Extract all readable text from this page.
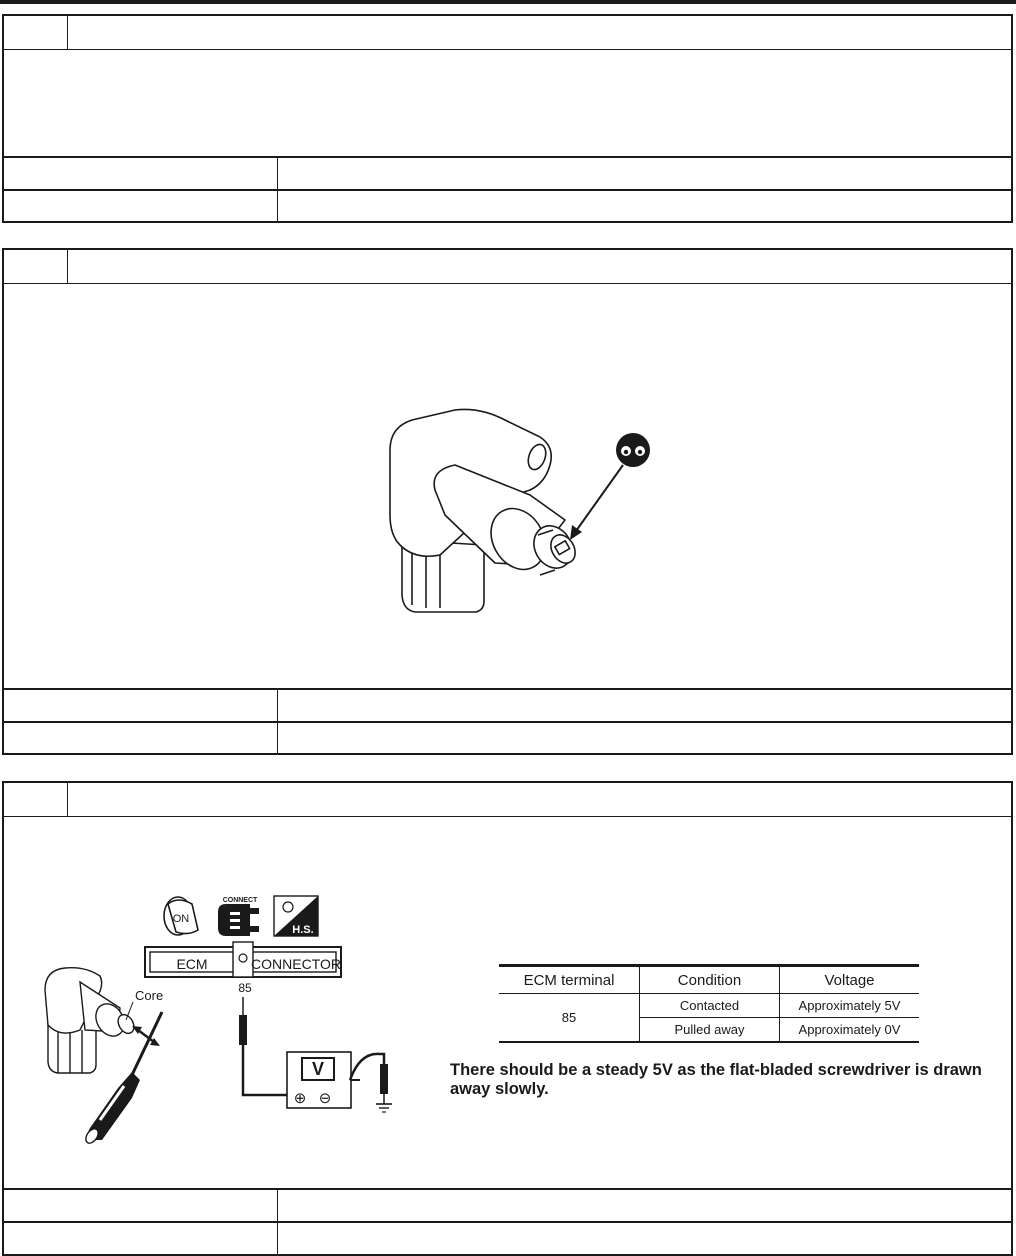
ON
CONNECT
H.S.
ECM	CONNECTOR
85
V
⊕ ⊖
Core
ECM terminal	Condition	Voltage
85	Contacted	Approximately 5V
	Pulled away	Approximately 0V
There should be a steady 5V as the flat-bladed screwdriver is drawn away slowly.
